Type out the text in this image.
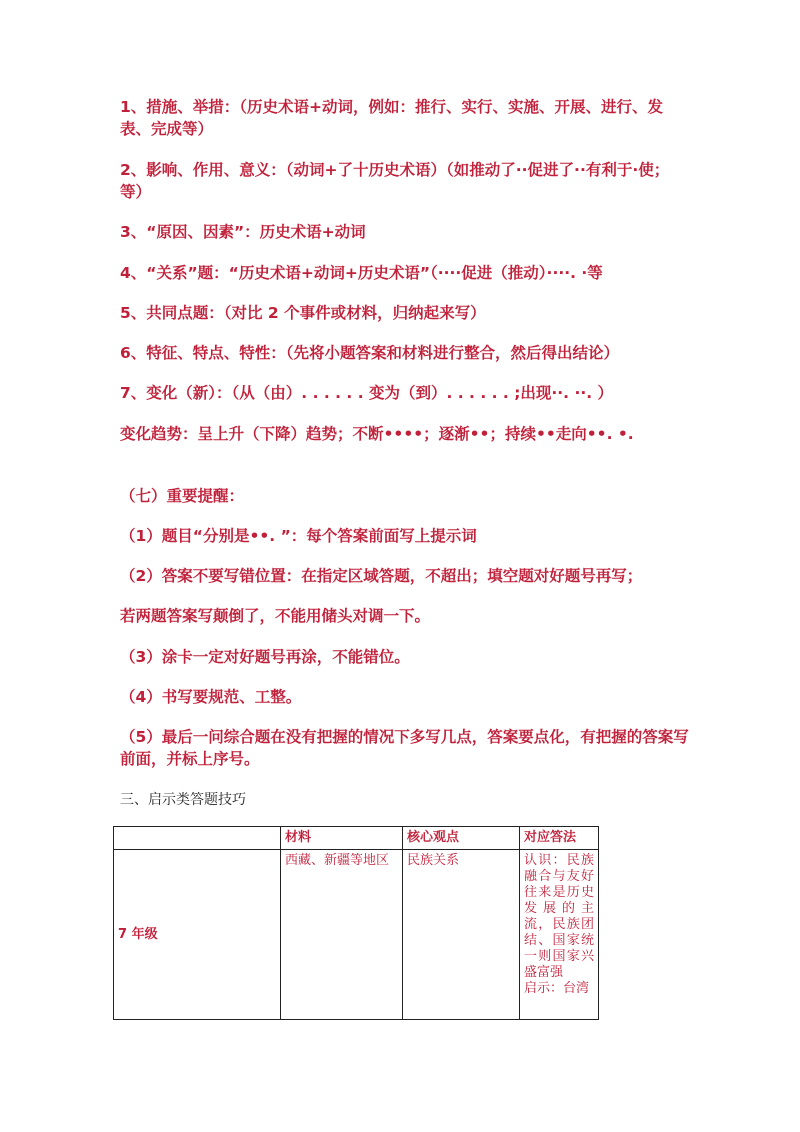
1、措施、举措：（历史术语+动词，例如：推行、实行、实施、开展、进行、发表、完成等）
2、影响、作用、意义：（动词+了十历史术语）（如推动了··促进了··有利于·使；等）
3、“原因、因素”：历史术语+动词
4、“关系”题：“历史术语+动词+历史术语”（····促进（推动）····. ·等
5、共同点题：（对比 2 个事件或材料，归纳起来写）
6、特征、特点、特性：（先将小题答案和材料进行整合，然后得出结论）
7、变化（新）：（从（由）. . . . . . 变为（到）. . . . . . ;出现··. ··. ）
变化趋势：呈上升（下降）趋势；不断••••；逐渐••；持续••走向••. •.
（七）重要提醒：
（1）题目“分别是••. ”：每个答案前面写上提示词
（2）答案不要写错位置：在指定区域答题，不超出；填空题对好题号再写；
若两题答案写颠倒了，不能用储头对调一下。
（3）涂卡一定对好题号再涂，不能错位。
（4）书写要规范、工整。
（5）最后一问综合题在没有把握的情况下多写几点，答案要点化，有把握的答案写前面，并标上序号。
三、启示类答题技巧
	材料	核心观点	对应答法
7 年级	西藏、新疆等地区	民族关系	认识：民族融合与友好往来是历史发展的主流，民族团结、国家统一则国家兴盛富强
启示：台湾
